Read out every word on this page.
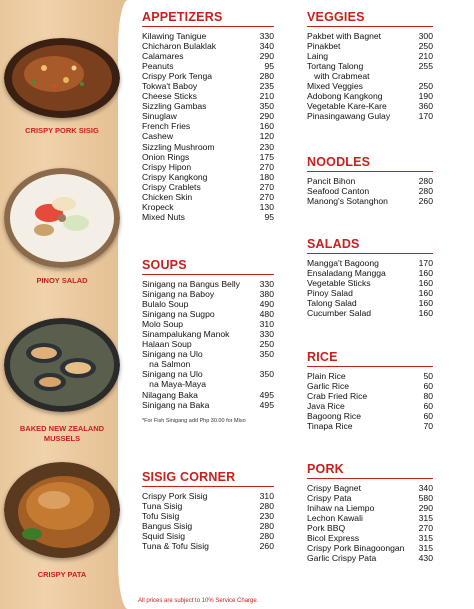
CRISPY PORK SISIG
PINOY SALAD
BAKED NEW ZEALAND MUSSELS
CRISPY PATA
APPETIZERS
Kilawing Tanigue	330
Chicharon Bulaklak	340
Calamares	290
Peanuts	95
Crispy Pork Tenga	280
Tokwa't Baboy	235
Cheese Sticks	210
Sizzling Gambas	350
Sinuglaw	290
French Fries	160
Cashew	120
Sizzling Mushroom	230
Onion Rings	175
Crispy Hipon	270
Crispy Kangkong	180
Crispy Crablets	270
Chicken Skin	270
Kropeck	130
Mixed Nuts	95
SOUPS
Sinigang na Bangus Belly 330
Sinigang na Baboy	380
Bulalo Soup	490
Sinigang na Sugpo	480
Molo Soup	310
Sinampalukang Manok	330
Halaan Soup	250
Sinigang na Ulo	350
na Salmon
Sinigang na Ulo	350
na Maya-Maya
Nilagang Baka	495
Sinigang na Baka	495
*For Fish Sinigang add Php 30.00 for Miso
SISIG CORNER
Crispy Pork Sisig	310
Tuna Sisig	280
Tofu Sisig	230
Bangus Sisig	280
Squid Sisig	280
Tuna & Tofu Sisig	260
VEGGIES
Pakbet with Bagnet	300
Pinakbet	250
Laing	210
Tortang Talong	255
with Crabmeat
Mixed Veggies	250
Adobong Kangkong	190
Vegetable Kare-Kare	360
Pinasingawang Gulay	170
NOODLES
Pancit Bihon	280
Seafood Canton	280
Manong's Sotanghon	260
SALADS
Mangga't Bagoong	170
Ensaladang Mangga	160
Vegetable Sticks	160
Pinoy Salad	160
Talong Salad	160
Cucumber Salad	160
RICE
Plain Rice	50
Garlic Rice	60
Crab Fried Rice	80
Java Rice	60
Bagoong Rice	60
Tinapa Rice	70
PORK
Crispy Bagnet	340
Crispy Pata	580
Inihaw na Liempo	290
Lechon Kawali	315
Pork BBQ	270
Bicol Express	315
Crispy Pork Binagoongan 315
Garlic Crispy Pata	430
All prices are subject to 10% Service Charge.
